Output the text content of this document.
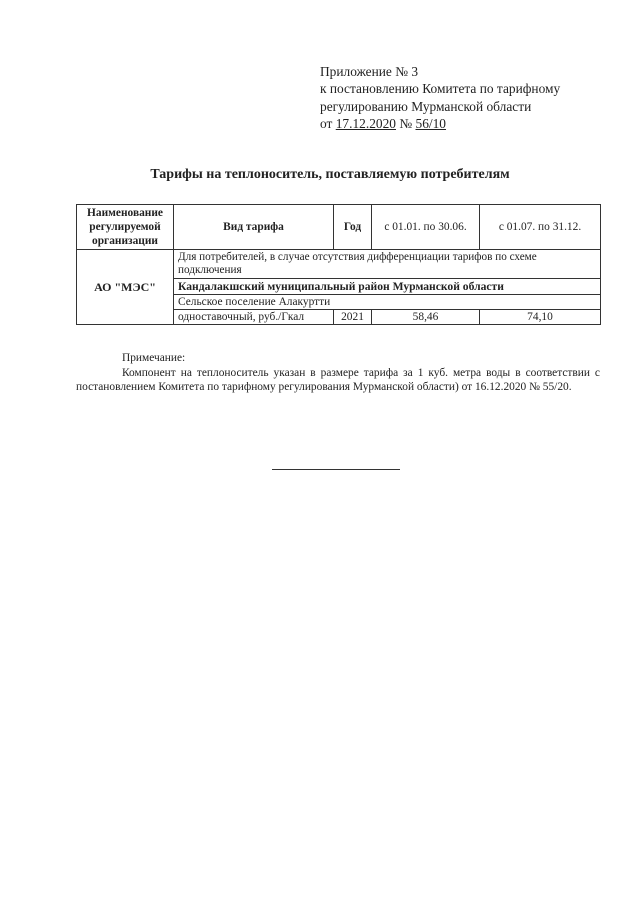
Приложение № 3
к постановлению Комитета по тарифному
регулированию Мурманской области
от 17.12.2020 № 56/10
Тарифы на теплоноситель, поставляемую потребителям
Наименование регулируемой организации	Вид тарифа	Год	с 01.01. по 30.06.	с 01.07. по 31.12.
АО "МЭС"	Для потребителей, в случае отсутствия дифференциации тарифов по схеме подключения			
	Кандалакшский муниципальный район Мурманской области			
	Сельское поселение Алакуртти			
	одноставочный, руб./Гкал	2021	58,46	74,10
Примечание:
Компонент на теплоноситель указан в размере тарифа за 1 куб. метра воды в соответствии с постановлением Комитета по тарифному регулирования Мурманской области) от 16.12.2020 № 55/20.
